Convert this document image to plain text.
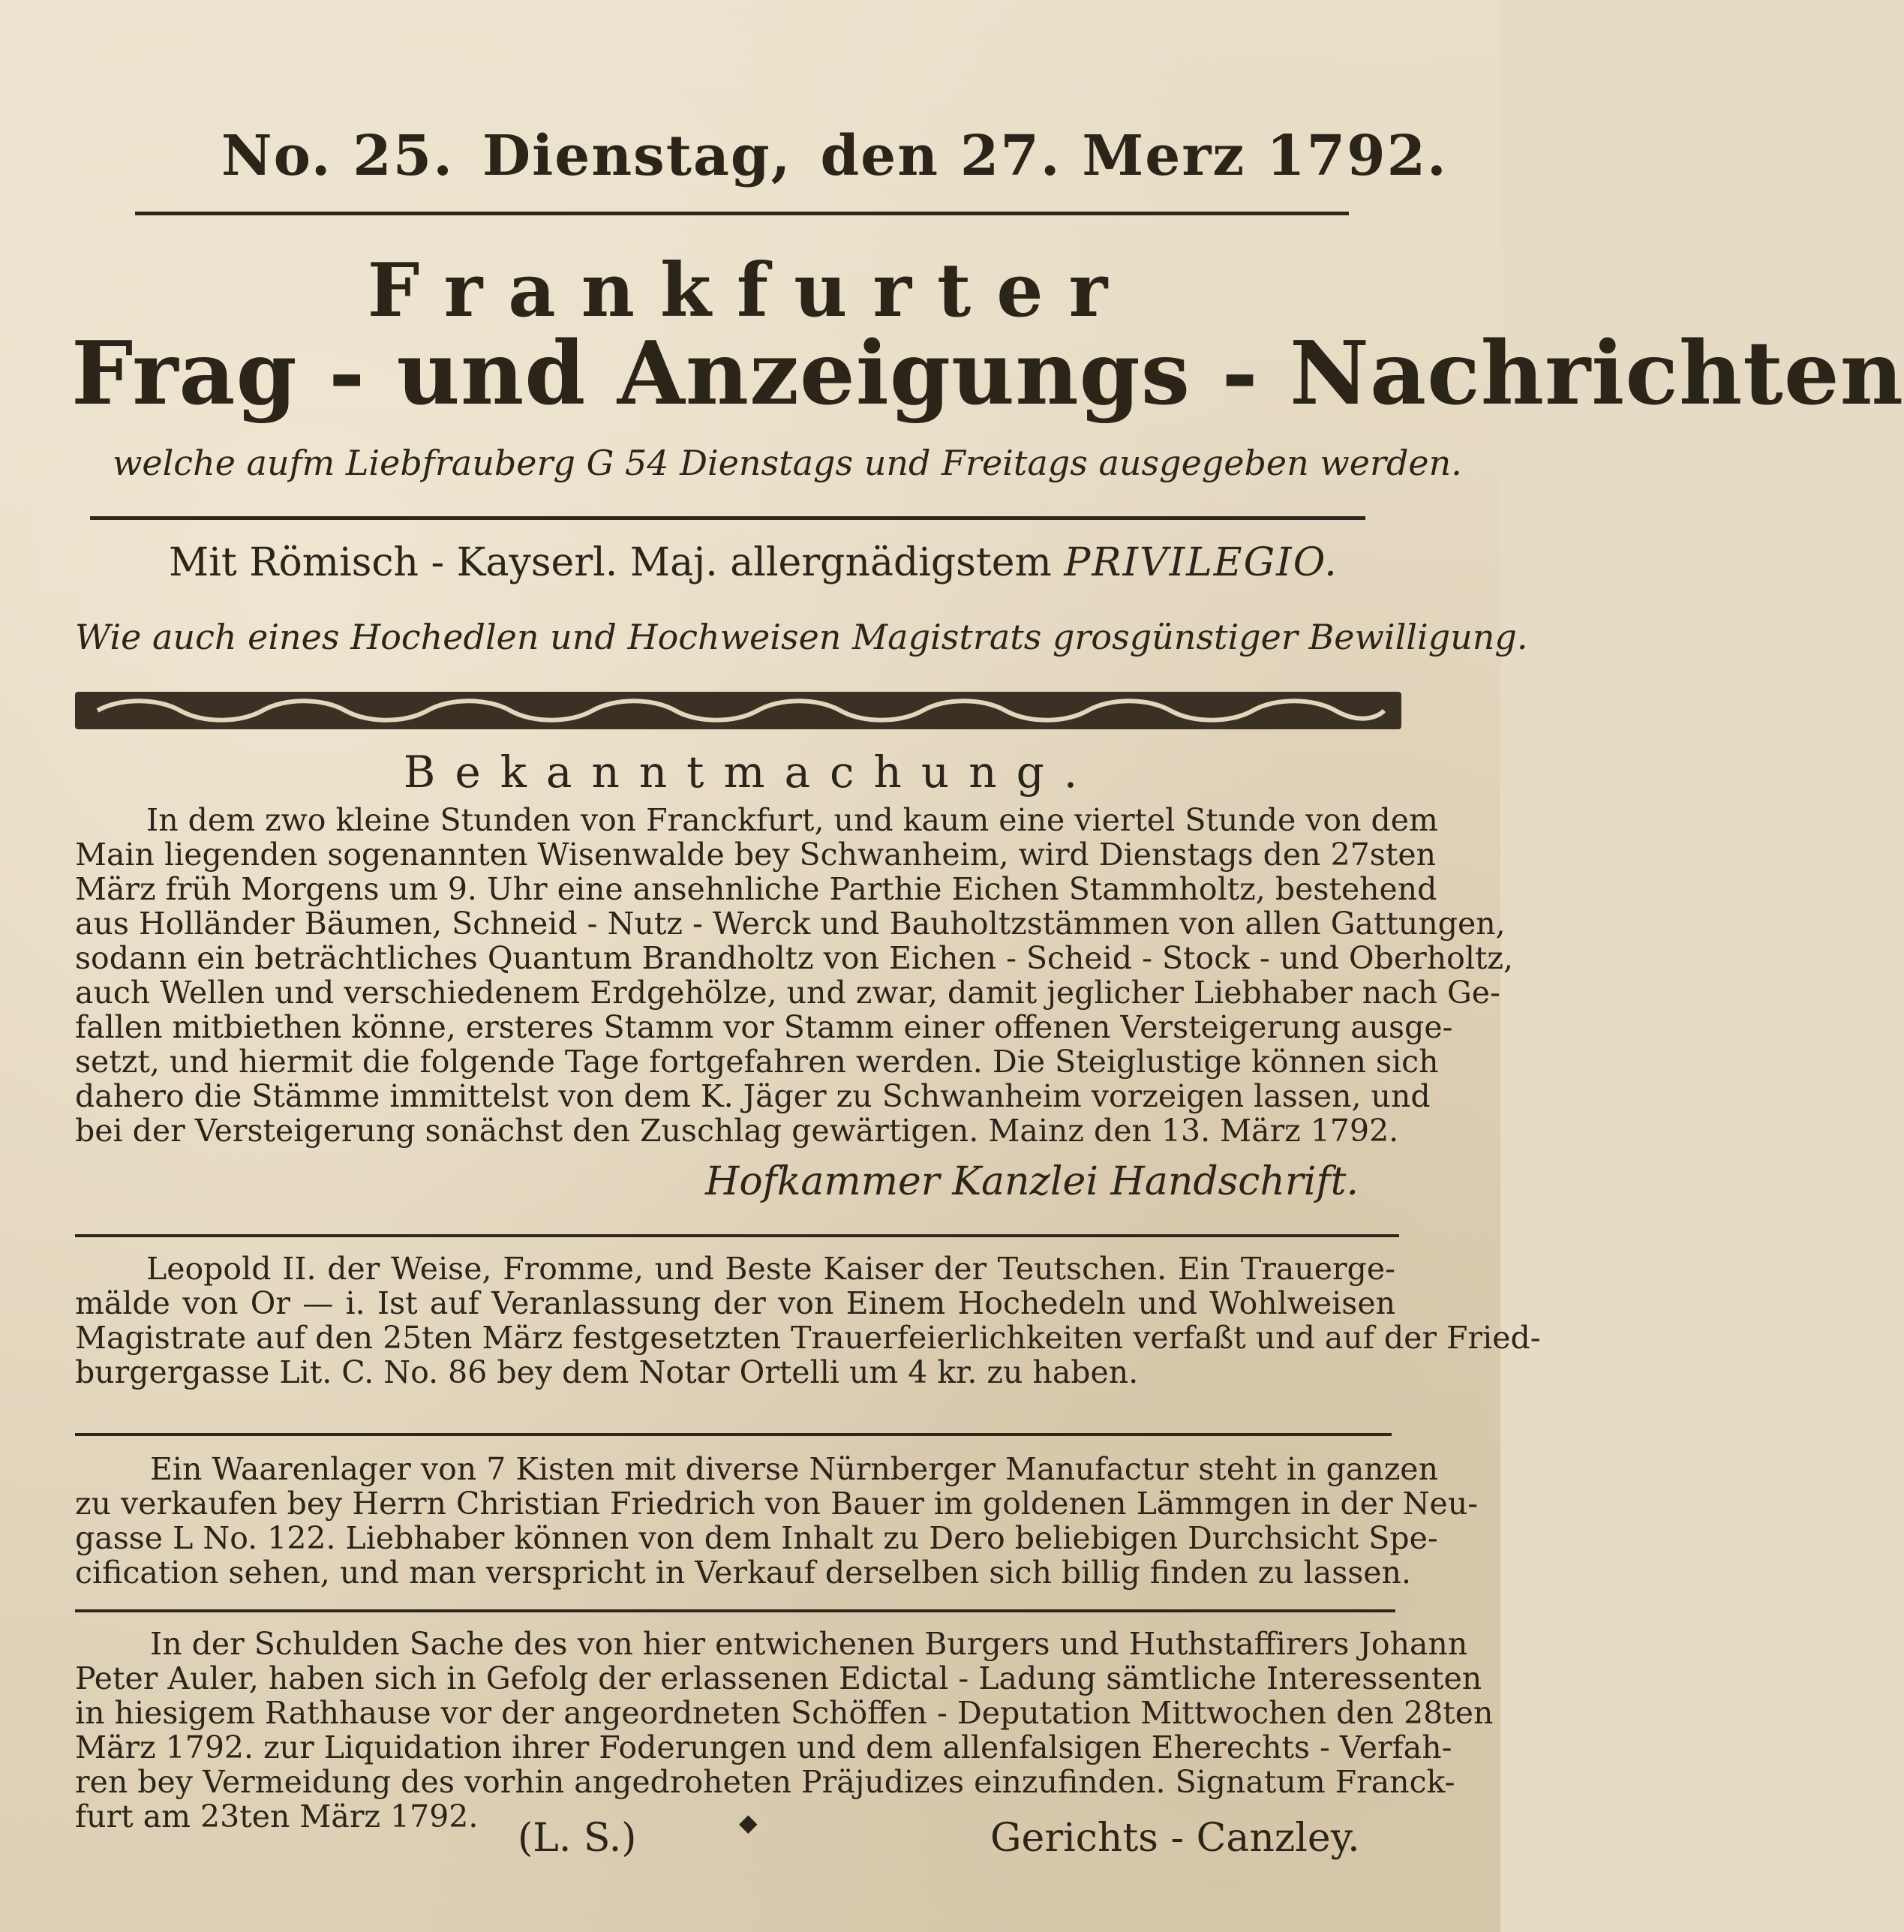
No. 25. Dienstag, den 27. Merz 1792.
Frankfurter
Frag - und Anzeigungs - Nachrichten
welche aufm Liebfrauberg G 54 Dienstags und Freitags ausgegeben werden.
Mit Römisch - Kayserl. Maj. allergnädigstem PRIVILEGIO.
Wie auch eines Hochedlen und Hochweisen Magistrats grosgünstiger Bewilligung.
Bekanntmachung.
In dem zwo kleine Stunden von Franckfurt, und kaum eine viertel Stunde von dem
Main liegenden sogenannten Wisenwalde bey Schwanheim, wird Dienstags den 27sten
März früh Morgens um 9. Uhr eine ansehnliche Parthie Eichen Stammholtz, bestehend
aus Holländer Bäumen, Schneid - Nutz - Werck und Bauholtzstämmen von allen Gattungen,
sodann ein beträchtliches Quantum Brandholtz von Eichen - Scheid - Stock - und Oberholtz,
auch Wellen und verschiedenem Erdgehölze, und zwar, damit jeglicher Liebhaber nach Ge-
fallen mitbiethen könne, ersteres Stamm vor Stamm einer offenen Versteigerung ausge-
setzt, und hiermit die folgende Tage fortgefahren werden. Die Steiglustige können sich
dahero die Stämme immittelst von dem K. Jäger zu Schwanheim vorzeigen lassen, und
bei der Versteigerung sonächst den Zuschlag gewärtigen. Mainz den 13. März 1792.
Hofkammer Kanzlei Handschrift.
Leopold II. der Weise, Fromme, und Beste Kaiser der Teutschen. Ein Trauerge-
mälde von Or — i. Ist auf Veranlassung der von Einem Hochedeln und Wohlweisen
Magistrate auf den 25ten März festgesetzten Trauerfeierlichkeiten verfaßt und auf der Fried-
burgergasse Lit. C. No. 86 bey dem Notar Ortelli um 4 kr. zu haben.
Ein Waarenlager von 7 Kisten mit diverse Nürnberger Manufactur steht in ganzen
zu verkaufen bey Herrn Christian Friedrich von Bauer im goldenen Lämmgen in der Neu-
gasse L No. 122. Liebhaber können von dem Inhalt zu Dero beliebigen Durchsicht Spe-
cification sehen, und man verspricht in Verkauf derselben sich billig finden zu lassen.
In der Schulden Sache des von hier entwichenen Burgers und Huthstaffirers Johann
Peter Auler, haben sich in Gefolg der erlassenen Edictal - Ladung sämtliche Interessenten
in hiesigem Rathhause vor der angeordneten Schöffen - Deputation Mittwochen den 28ten
März 1792. zur Liquidation ihrer Foderungen und dem allenfalsigen Eherechts - Verfah-
ren bey Vermeidung des vorhin angedroheten Präjudizes einzufinden. Signatum Franck-
furt am 23ten März 1792. (L. S.)	◆	Gerichts - Canzley.
